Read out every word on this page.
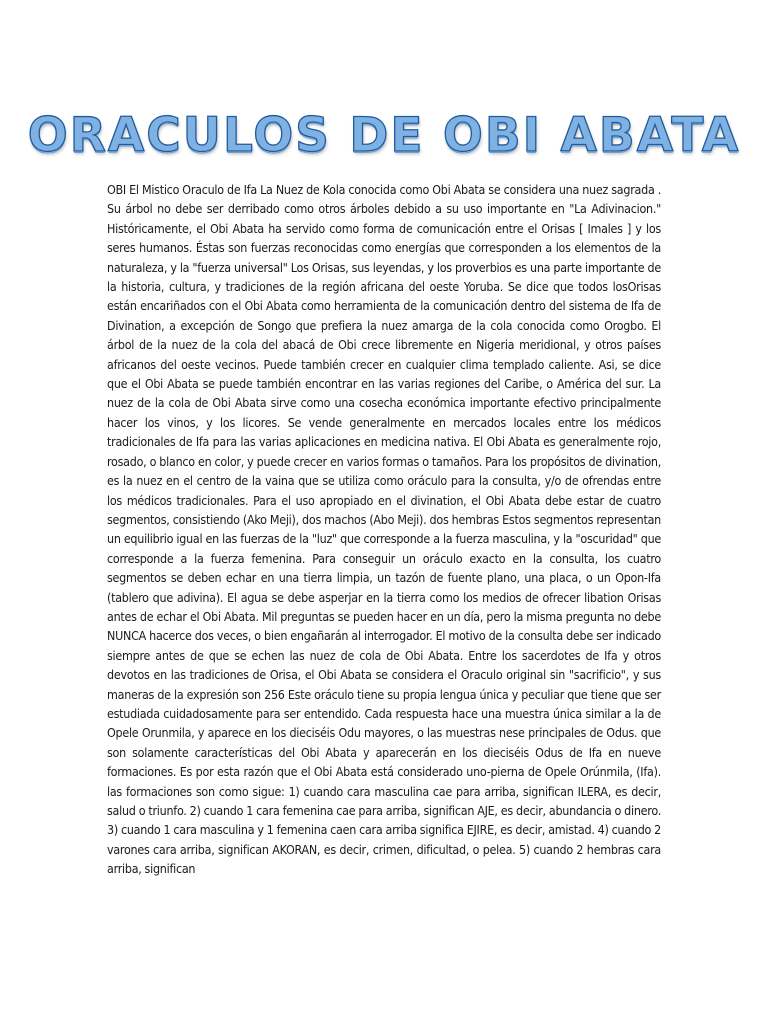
ORACULOS DE OBI ABATA

OBI El Mistico Oraculo de Ifa La Nuez de Kola conocida como Obi Abata se considera una nuez sagrada . Su árbol no debe ser derribado como otros árboles debido a su uso importante en "La Adivinacion." Históricamente, el Obi Abata ha servido como forma de comunicación entre el Orisas [ Imales ] y los seres humanos. Éstas son fuerzas reconocidas como energías que corresponden a los elementos de la naturaleza, y la "fuerza universal" Los Orisas, sus leyendas, y los proverbios es una parte importante de la historia, cultura, y tradiciones de la región africana del oeste Yoruba. Se dice que todos losOrisas están encariñados con el Obi Abata como herramienta de la comunicación dentro del sistema de Ifa de Divination, a excepción de Songo que prefiera la nuez amarga de la cola conocida como Orogbo. El árbol de la nuez de la cola del abacá de Obi crece libremente en Nigeria meridional, y otros países africanos del oeste vecinos. Puede también crecer en cualquier clima templado caliente. Asi, se dice que el Obi Abata se puede también encontrar en las varias regiones del Caribe, o América del sur. La nuez de la cola de Obi Abata sirve como una cosecha económica importante efectivo principalmente hacer los vinos, y los licores. Se vende generalmente en mercados locales entre los médicos tradicionales de Ifa para las varias aplicaciones en medicina nativa. El Obi Abata es generalmente rojo, rosado, o blanco en color, y puede crecer en varios formas o tamaños. Para los propósitos de divination, es la nuez en el centro de la vaina que se utiliza como oráculo para la consulta, y/o de ofrendas entre los médicos tradicionales. Para el uso apropiado en el divination, el Obi Abata debe estar de cuatro segmentos, consistiendo (Ako Meji), dos machos (Abo Meji). dos hembras Estos segmentos representan un equilibrio igual en las fuerzas de la "luz" que corresponde a la fuerza masculina, y la "oscuridad" que corresponde a la fuerza femenina. Para conseguir un oráculo exacto en la consulta, los cuatro segmentos se deben echar en una tierra limpia, un tazón de fuente plano, una placa, o un Opon-Ifa (tablero que adivina). El agua se debe asperjar en la tierra como los medios de ofrecer libation Orisas antes de echar el Obi Abata. Mil preguntas se pueden hacer en un día, pero la misma pregunta no debe NUNCA hacerce dos veces, o bien engañarán al interrogador. El motivo de la consulta debe ser indicado siempre antes de que se echen las nuez de cola de Obi Abata. Entre los sacerdotes de Ifa y otros devotos en las tradiciones de Orisa, el Obi Abata se considera el Oraculo original sin "sacrificio", y sus maneras de la expresión son 256 Este oráculo tiene su propia lengua única y peculiar que tiene que ser estudiada cuidadosamente para ser entendido. Cada respuesta hace una muestra única similar a la de Opele Orunmila, y aparece en los dieciséis Odu mayores, o las muestras nese principales de Odus. que son solamente características del Obi Abata y aparecerán en los dieciséis Odus de Ifa en nueve formaciones. Es por esta razón que el Obi Abata está considerado uno-pierna de Opele Orúnmila, (Ifa). las formaciones son como sigue: 1) cuando cara masculina cae para arriba, significan ILERA, es decir, salud o triunfo. 2) cuando 1 cara femenina cae para arriba, significan AJE, es decir, abundancia o dinero. 3) cuando 1 cara masculina y 1 femenina caen cara arriba significa EJIRE, es decir, amistad. 4) cuando 2 varones cara arriba, significan AKORAN, es decir, crimen, dificultad, o pelea. 5) cuando 2 hembras cara arriba, significan
